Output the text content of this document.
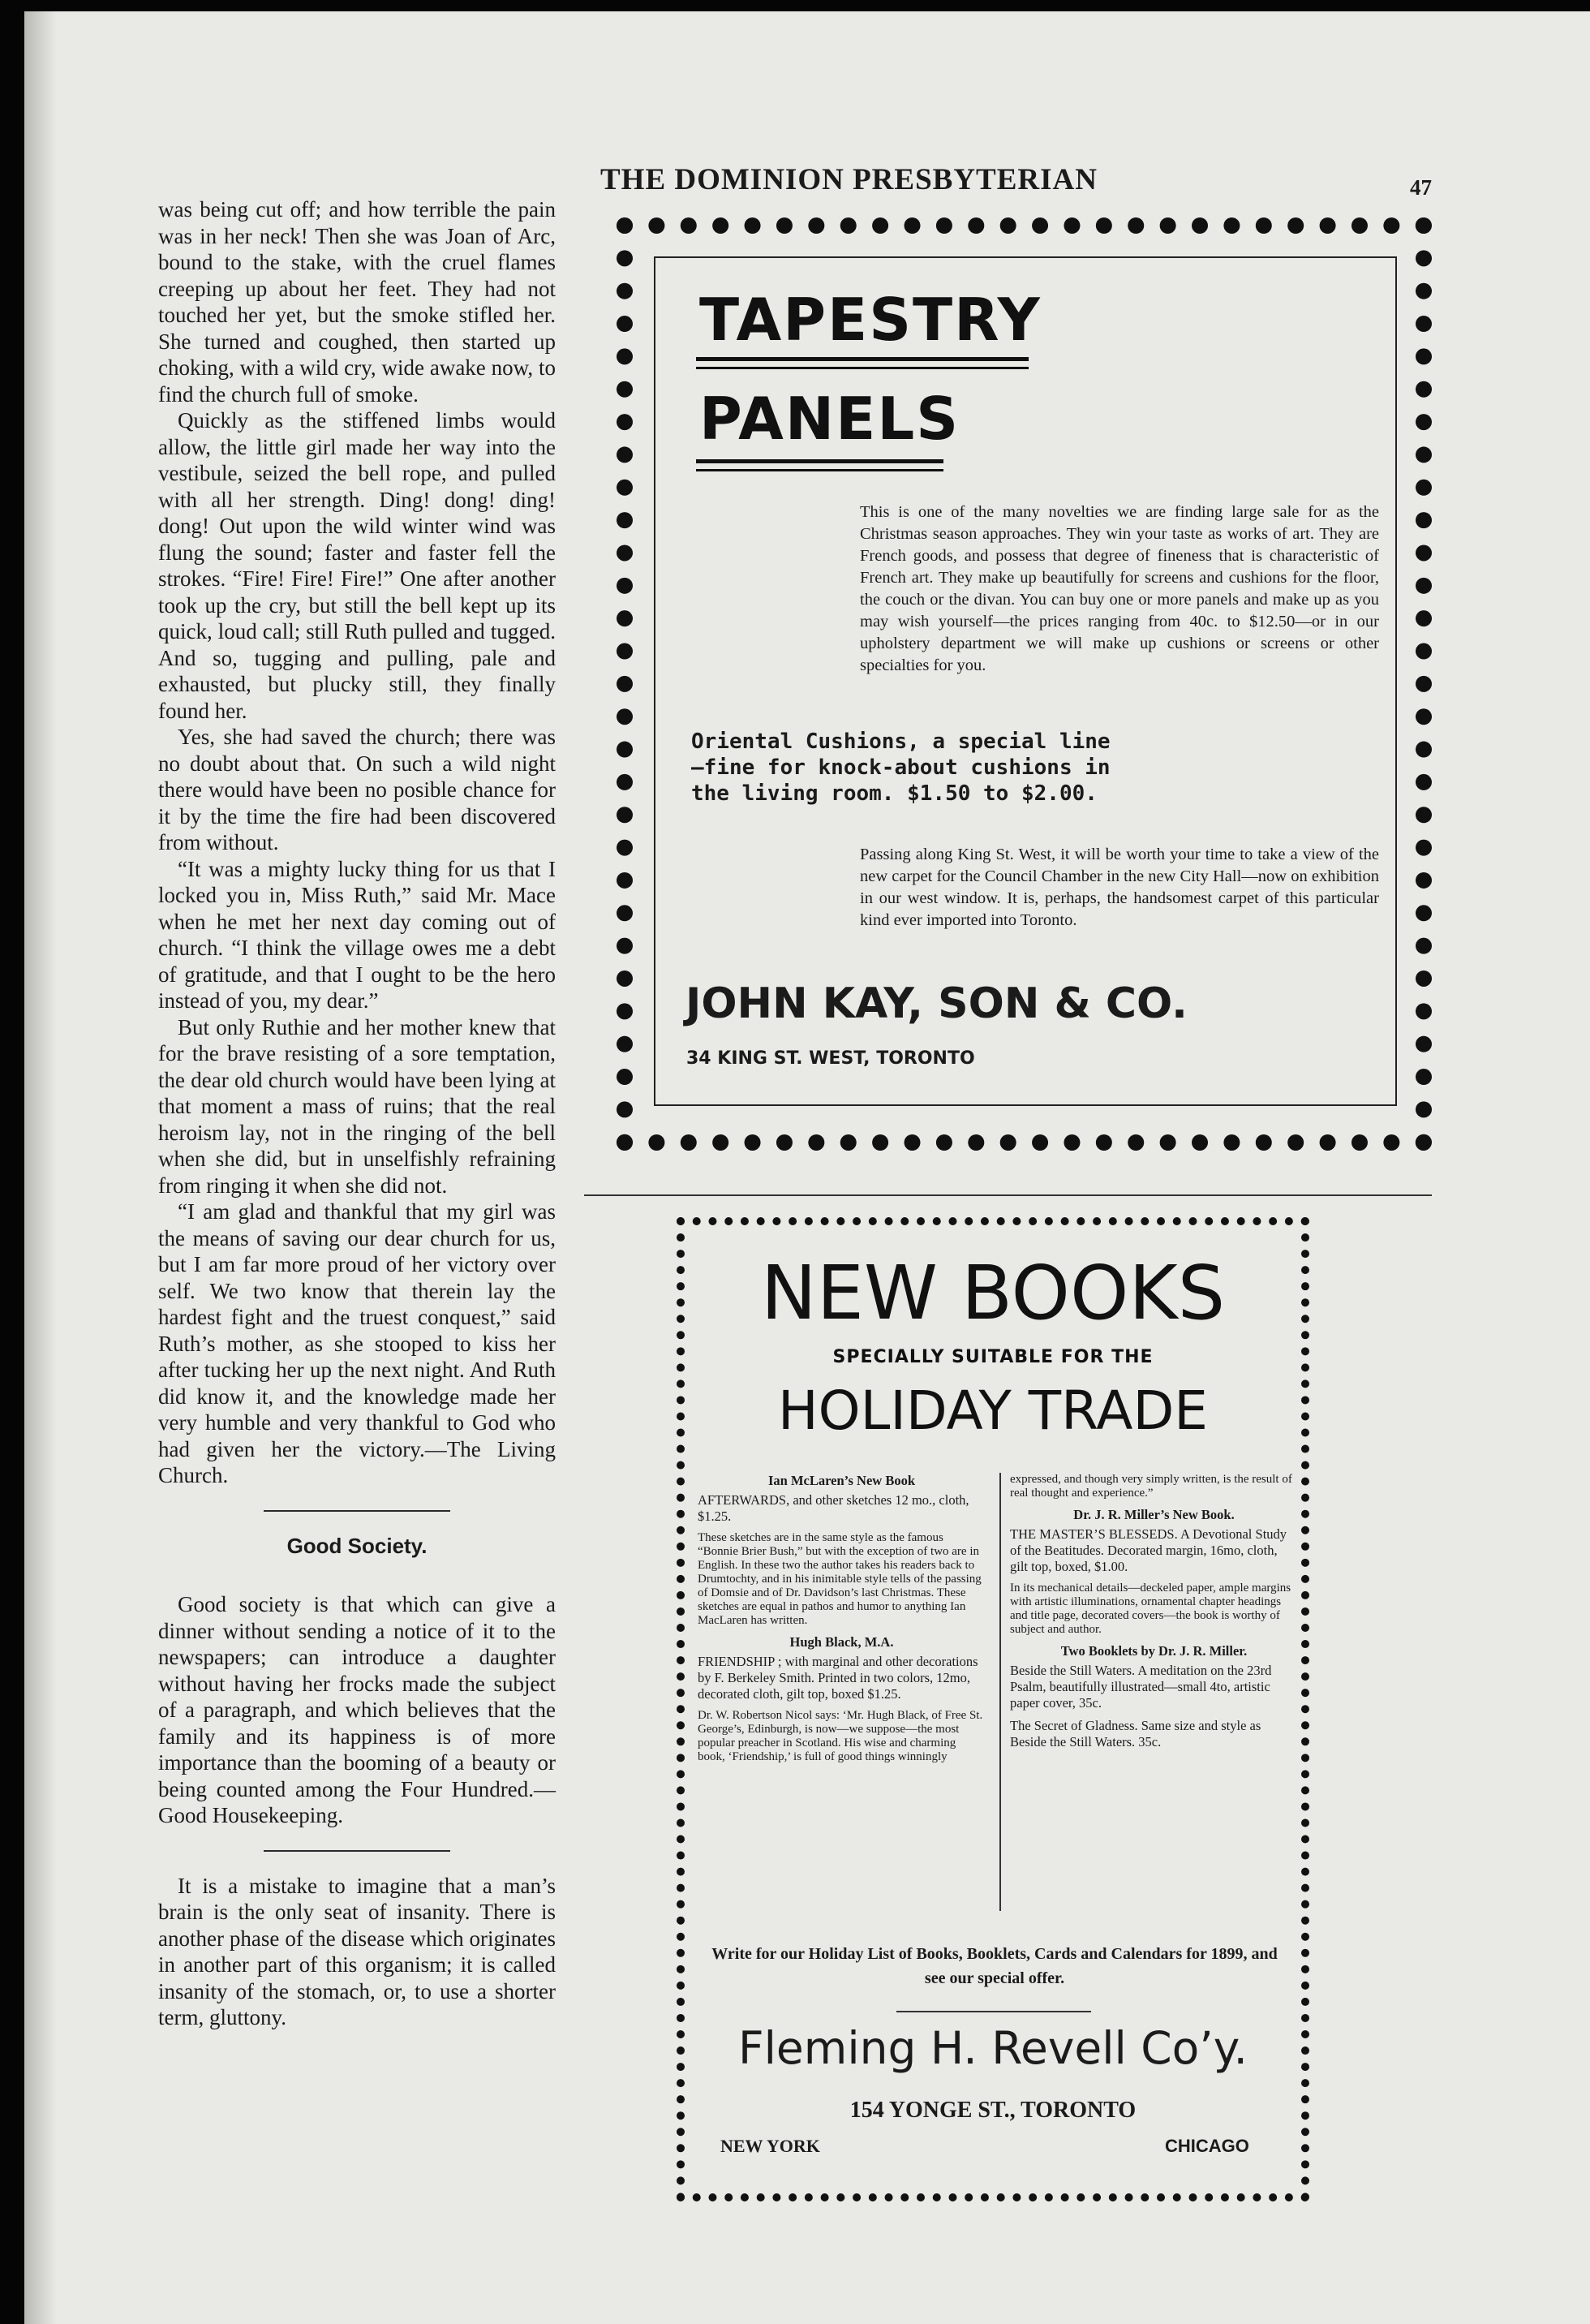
THE DOMINION PRESBYTERIAN	47

was being cut off; and how terrible the pain was in her neck! Then she was Joan of Arc, bound to the stake, with the cruel flames creeping up about her feet. They had not touched her yet, but the smoke stifled her. She turned and coughed, then started up choking, with a wild cry, wide awake now, to find the church full of smoke.

Quickly as the stiffened limbs would allow, the little girl made her way into the vestibule, seized the bell rope, and pulled with all her strength. Ding! dong! ding! dong! Out upon the wild winter wind was flung the sound; faster and faster fell the strokes. “Fire! Fire! Fire!” One after another took up the cry, but still the bell kept up its quick, loud call; still Ruth pulled and tugged. And so, tugging and pulling, pale and exhausted, but plucky still, they finally found her.

Yes, she had saved the church; there was no doubt about that. On such a wild night there would have been no posible chance for it by the time the fire had been discovered from without.

“It was a mighty lucky thing for us that I locked you in, Miss Ruth,” said Mr. Mace when he met her next day coming out of church. “I think the village owes me a debt of gratitude, and that I ought to be the hero instead of you, my dear.”

But only Ruthie and her mother knew that for the brave resisting of a sore temptation, the dear old church would have been lying at that moment a mass of ruins; that the real heroism lay, not in the ringing of the bell when she did, but in unselfishly refraining from ringing it when she did not.

“I am glad and thankful that my girl was the means of saving our dear church for us, but I am far more proud of her victory over self. We two know that therein lay the hardest fight and the truest conquest,” said Ruth’s mother, as she stooped to kiss her after tucking her up the next night. And Ruth did know it, and the knowledge made her very humble and very thankful to God who had given her the victory.—The Living Church.

Good Society.

Good society is that which can give a dinner without sending a notice of it to the newspapers; can introduce a daughter without having her frocks made the subject of a paragraph, and which believes that the family and its happiness is of more importance than the booming of a beauty or being counted among the Four Hundred.—Good Housekeeping.

It is a mistake to imagine that a man’s brain is the only seat of insanity. There is another phase of the disease which originates in another part of this organism; it is called insanity of the stomach, or, to use a shorter term, gluttony.

TAPESTRY
PANELS
This is one of the many novelties we are finding large sale for as the Christmas season approaches. They win your taste as works of art. They are French goods, and possess that degree of fineness that is characteristic of French art. They make up beautifully for screens and cushions for the floor, the couch or the divan. You can buy one or more panels and make up as you may wish yourself—the prices ranging from 40c. to $12.50—or in our upholstery department we will make up cushions or screens or other specialties for you.
Oriental Cushions, a special line—fine for knock-about cushions in the living room. $1.50 to $2.00.
Passing along King St. West, it will be worth your time to take a view of the new carpet for the Council Chamber in the new City Hall—now on exhibition in our west window. It is, perhaps, the handsomest carpet of this particular kind ever imported into Toronto.
JOHN KAY, SON & CO.
34 KING ST. WEST, TORONTO
NEW BOOKS
SPECIALLY SUITABLE FOR THE
HOLIDAY TRADE
Ian McLaren’s New Book
AFTERWARDS, and other sketches 12 mo., cloth, $1.25.
These sketches are in the same style as the famous “Bonnie Brier Bush,” but with the exception of two are in English. In these two the author takes his readers back to Drumtochty, and in his inimitable style tells of the passing of Domsie and of Dr. Davidson’s last Christmas. These sketches are equal in pathos and humor to anything Ian MacLaren has written.
Hugh Black, M.A.
FRIENDSHIP ; with marginal and other decorations by F. Berkeley Smith. Printed in two colors, 12mo, decorated cloth, gilt top, boxed $1.25.
Dr. W. Robertson Nicol says: ‘Mr. Hugh Black, of Free St. George’s, Edinburgh, is now—we suppose—the most popular preacher in Scotland. His wise and charming book, ‘Friendship,’ is full of good things winningly
expressed, and though very simply written, is the result of real thought and experience.”
Dr. J. R. Miller’s New Book.
THE MASTER’S BLESSEDS. A Devotional Study of the Beatitudes. Decorated margin, 16mo, cloth, gilt top, boxed, $1.00.
In its mechanical details—deckeled paper, ample margins with artistic illuminations, ornamental chapter headings and title page, decorated covers—the book is worthy of subject and author.
Two Booklets by Dr. J. R. Miller.
Beside the Still Waters. A meditation on the 23rd Psalm, beautifully illustrated—small 4to, artistic paper cover, 35c.
The Secret of Gladness. Same size and style as Beside the Still Waters. 35c.
Write for our Holiday List of Books, Booklets, Cards and Calendars for 1899, and see our special offer.
Fleming H. Revell Co’y.
154 YONGE ST., TORONTO
NEW YORK	CHICAGO
